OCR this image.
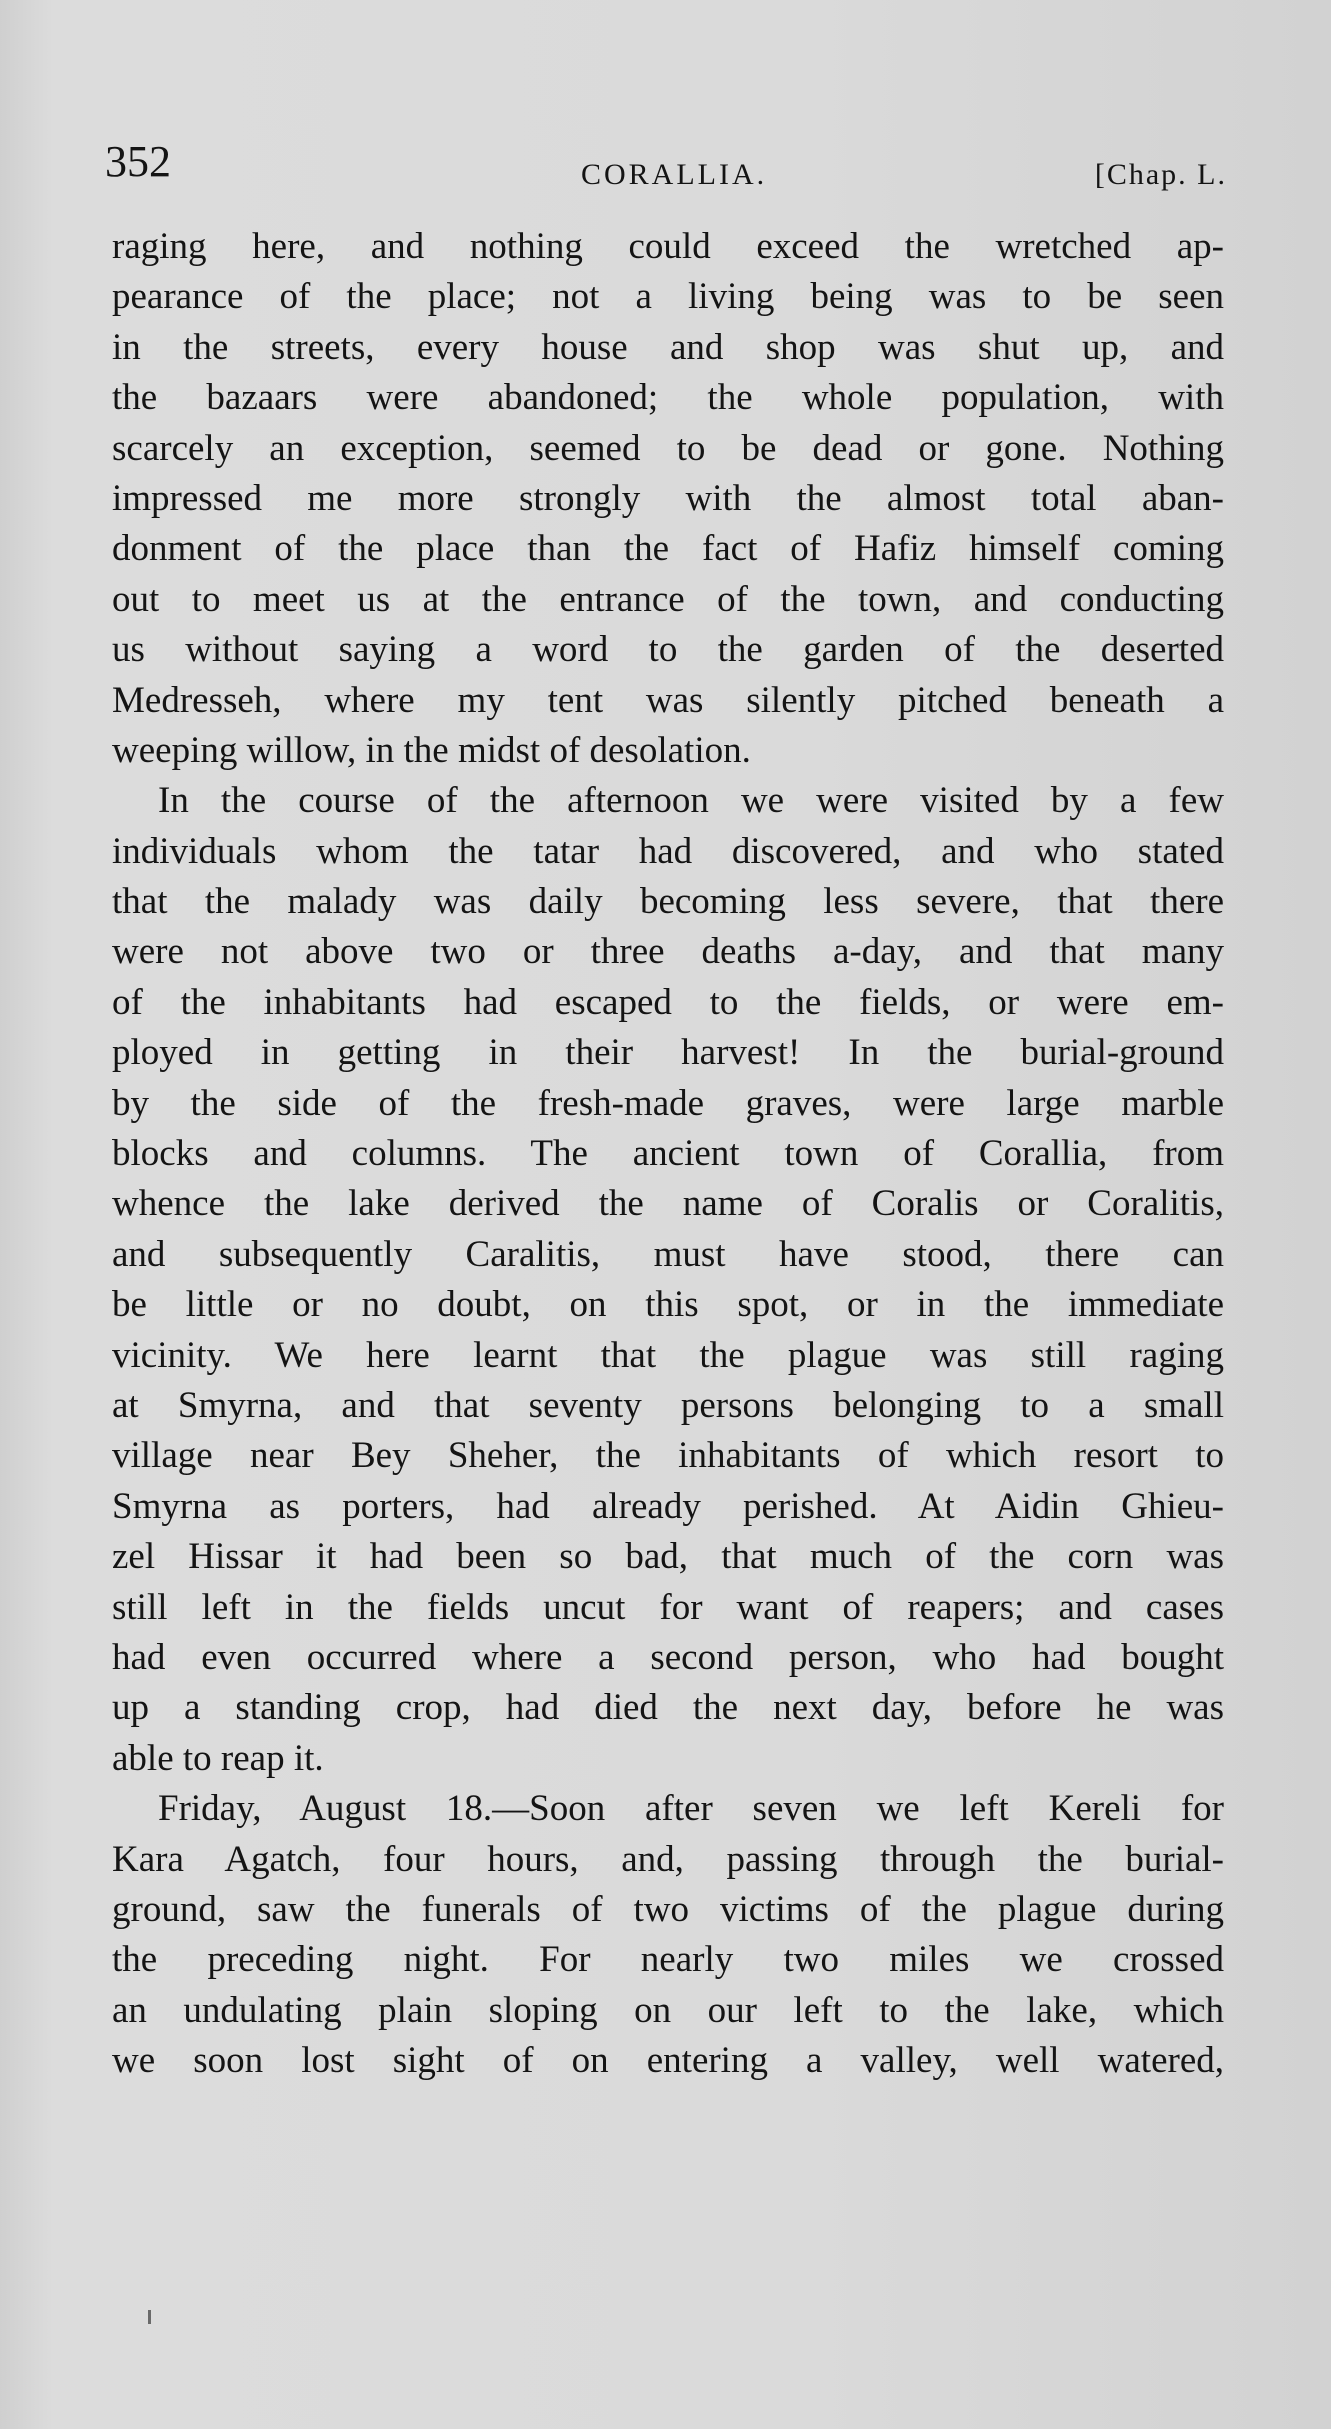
352	CORALLIA.	[Chap. L.
raging here, and nothing could exceed the wretched ap-
pearance of the place; not a living being was to be seen
in the streets, every house and shop was shut up, and
the bazaars were abandoned; the whole population, with
scarcely an exception, seemed to be dead or gone. Nothing
impressed me more strongly with the almost total aban-
donment of the place than the fact of Hafiz himself coming
out to meet us at the entrance of the town, and conducting
us without saying a word to the garden of the deserted
Medresseh, where my tent was silently pitched beneath a
weeping willow, in the midst of desolation.
In the course of the afternoon we were visited by a few
individuals whom the tatar had discovered, and who stated
that the malady was daily becoming less severe, that there
were not above two or three deaths a-day, and that many
of the inhabitants had escaped to the fields, or were em-
ployed in getting in their harvest! In the burial-ground
by the side of the fresh-made graves, were large marble
blocks and columns. The ancient town of Corallia, from
whence the lake derived the name of Coralis or Coralitis,
and subsequently Caralitis, must have stood, there can
be little or no doubt, on this spot, or in the immediate
vicinity. We here learnt that the plague was still raging
at Smyrna, and that seventy persons belonging to a small
village near Bey Sheher, the inhabitants of which resort to
Smyrna as porters, had already perished. At Aidin Ghieu-
zel Hissar it had been so bad, that much of the corn was
still left in the fields uncut for want of reapers; and cases
had even occurred where a second person, who had bought
up a standing crop, had died the next day, before he was
able to reap it.
Friday, August 18.—Soon after seven we left Kereli for
Kara Agatch, four hours, and, passing through the burial-
ground, saw the funerals of two victims of the plague during
the preceding night. For nearly two miles we crossed
an undulating plain sloping on our left to the lake, which
we soon lost sight of on entering a valley, well watered,
